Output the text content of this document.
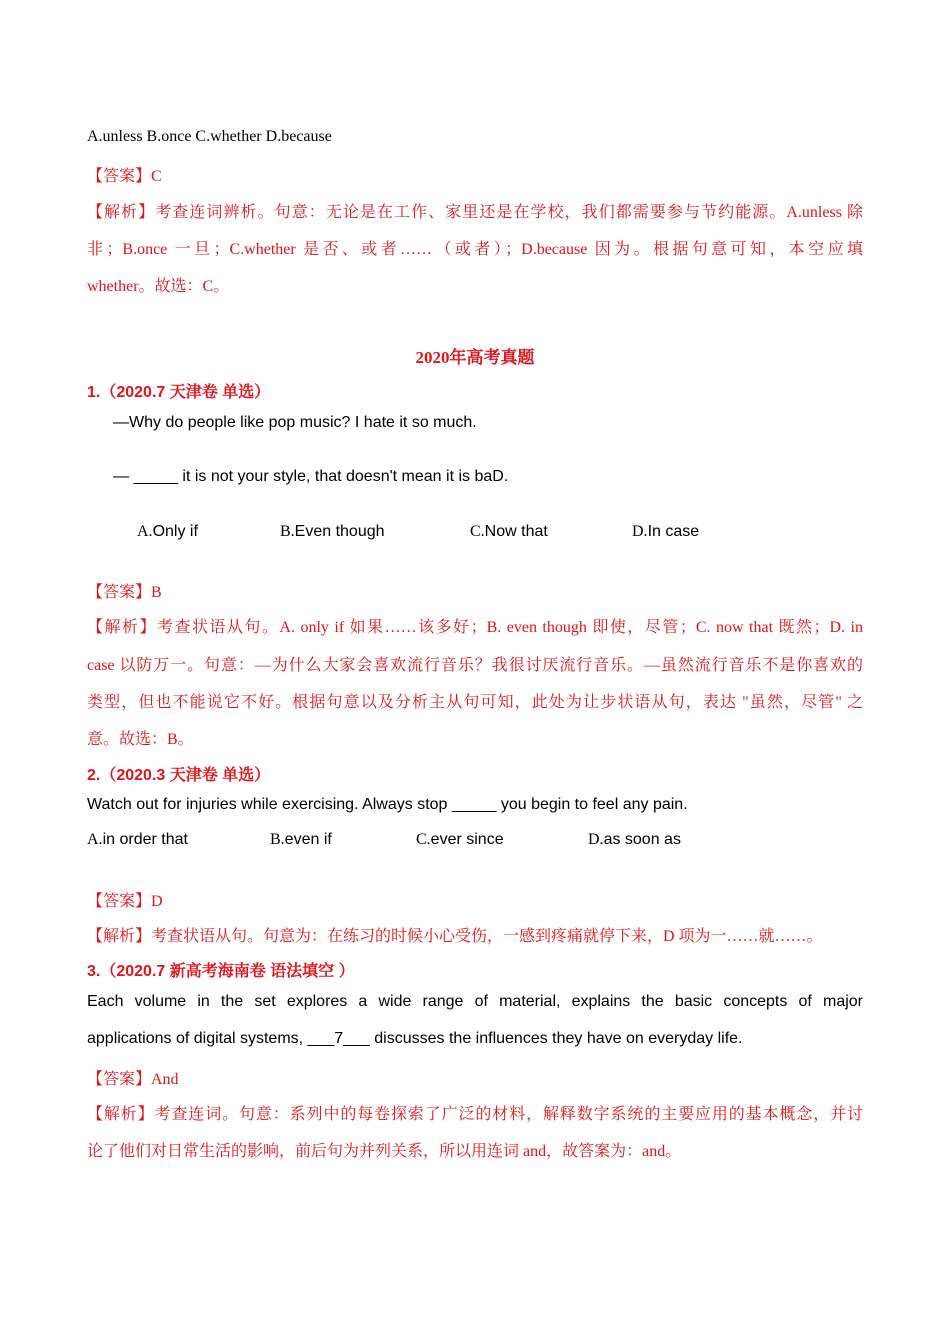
A.unless B.once C.whether D.because
【答案】C
【解析】考查连词辨析。句意：无论是在工作、家里还是在学校，我们都需要参与节约能源。A.unless 除
非；B.once 一旦；C.whether 是否、或者……（或者）；D.because 因为。根据句意可知，本空应填
whether。故选：C。
2020年高考真题
1.（2020.7 天津卷 单选）
—Why do people like pop music? I hate it so much.
— _____ it is not your style, that doesn't mean it is baD.
A.Only if	B.Even though	C.Now that	D.In case
【答案】B
【解析】考查状语从句。A. only if 如果……该多好；B. even though 即使，尽管；C. now that 既然；D. in
case 以防万一。句意：—为什么大家会喜欢流行音乐？我很讨厌流行音乐。—虽然流行音乐不是你喜欢的
类型，但也不能说它不好。根据句意以及分析主从句可知，此处为让步状语从句，表达 "虽然，尽管" 之
意。故选：B。
2.（2020.3 天津卷 单选）
Watch out for injuries while exercising. Always stop _____ you begin to feel any pain.
A.in order that	B.even if	C.ever since	D.as soon as
【答案】D
【解析】考查状语从句。句意为：在练习的时候小心受伤，一感到疼痛就停下来，D 项为一……就……。
3.（2020.7 新高考海南卷 语法填空 ）
Each volume in the set explores a wide range of material, explains the basic concepts of major
applications of digital systems, ___7___ discusses the influences they have on everyday life.
【答案】And
【解析】考查连词。句意：系列中的每卷探索了广泛的材料，解释数字系统的主要应用的基本概念，并讨
论了他们对日常生活的影响，前后句为并列关系，所以用连词 and，故答案为：and。
